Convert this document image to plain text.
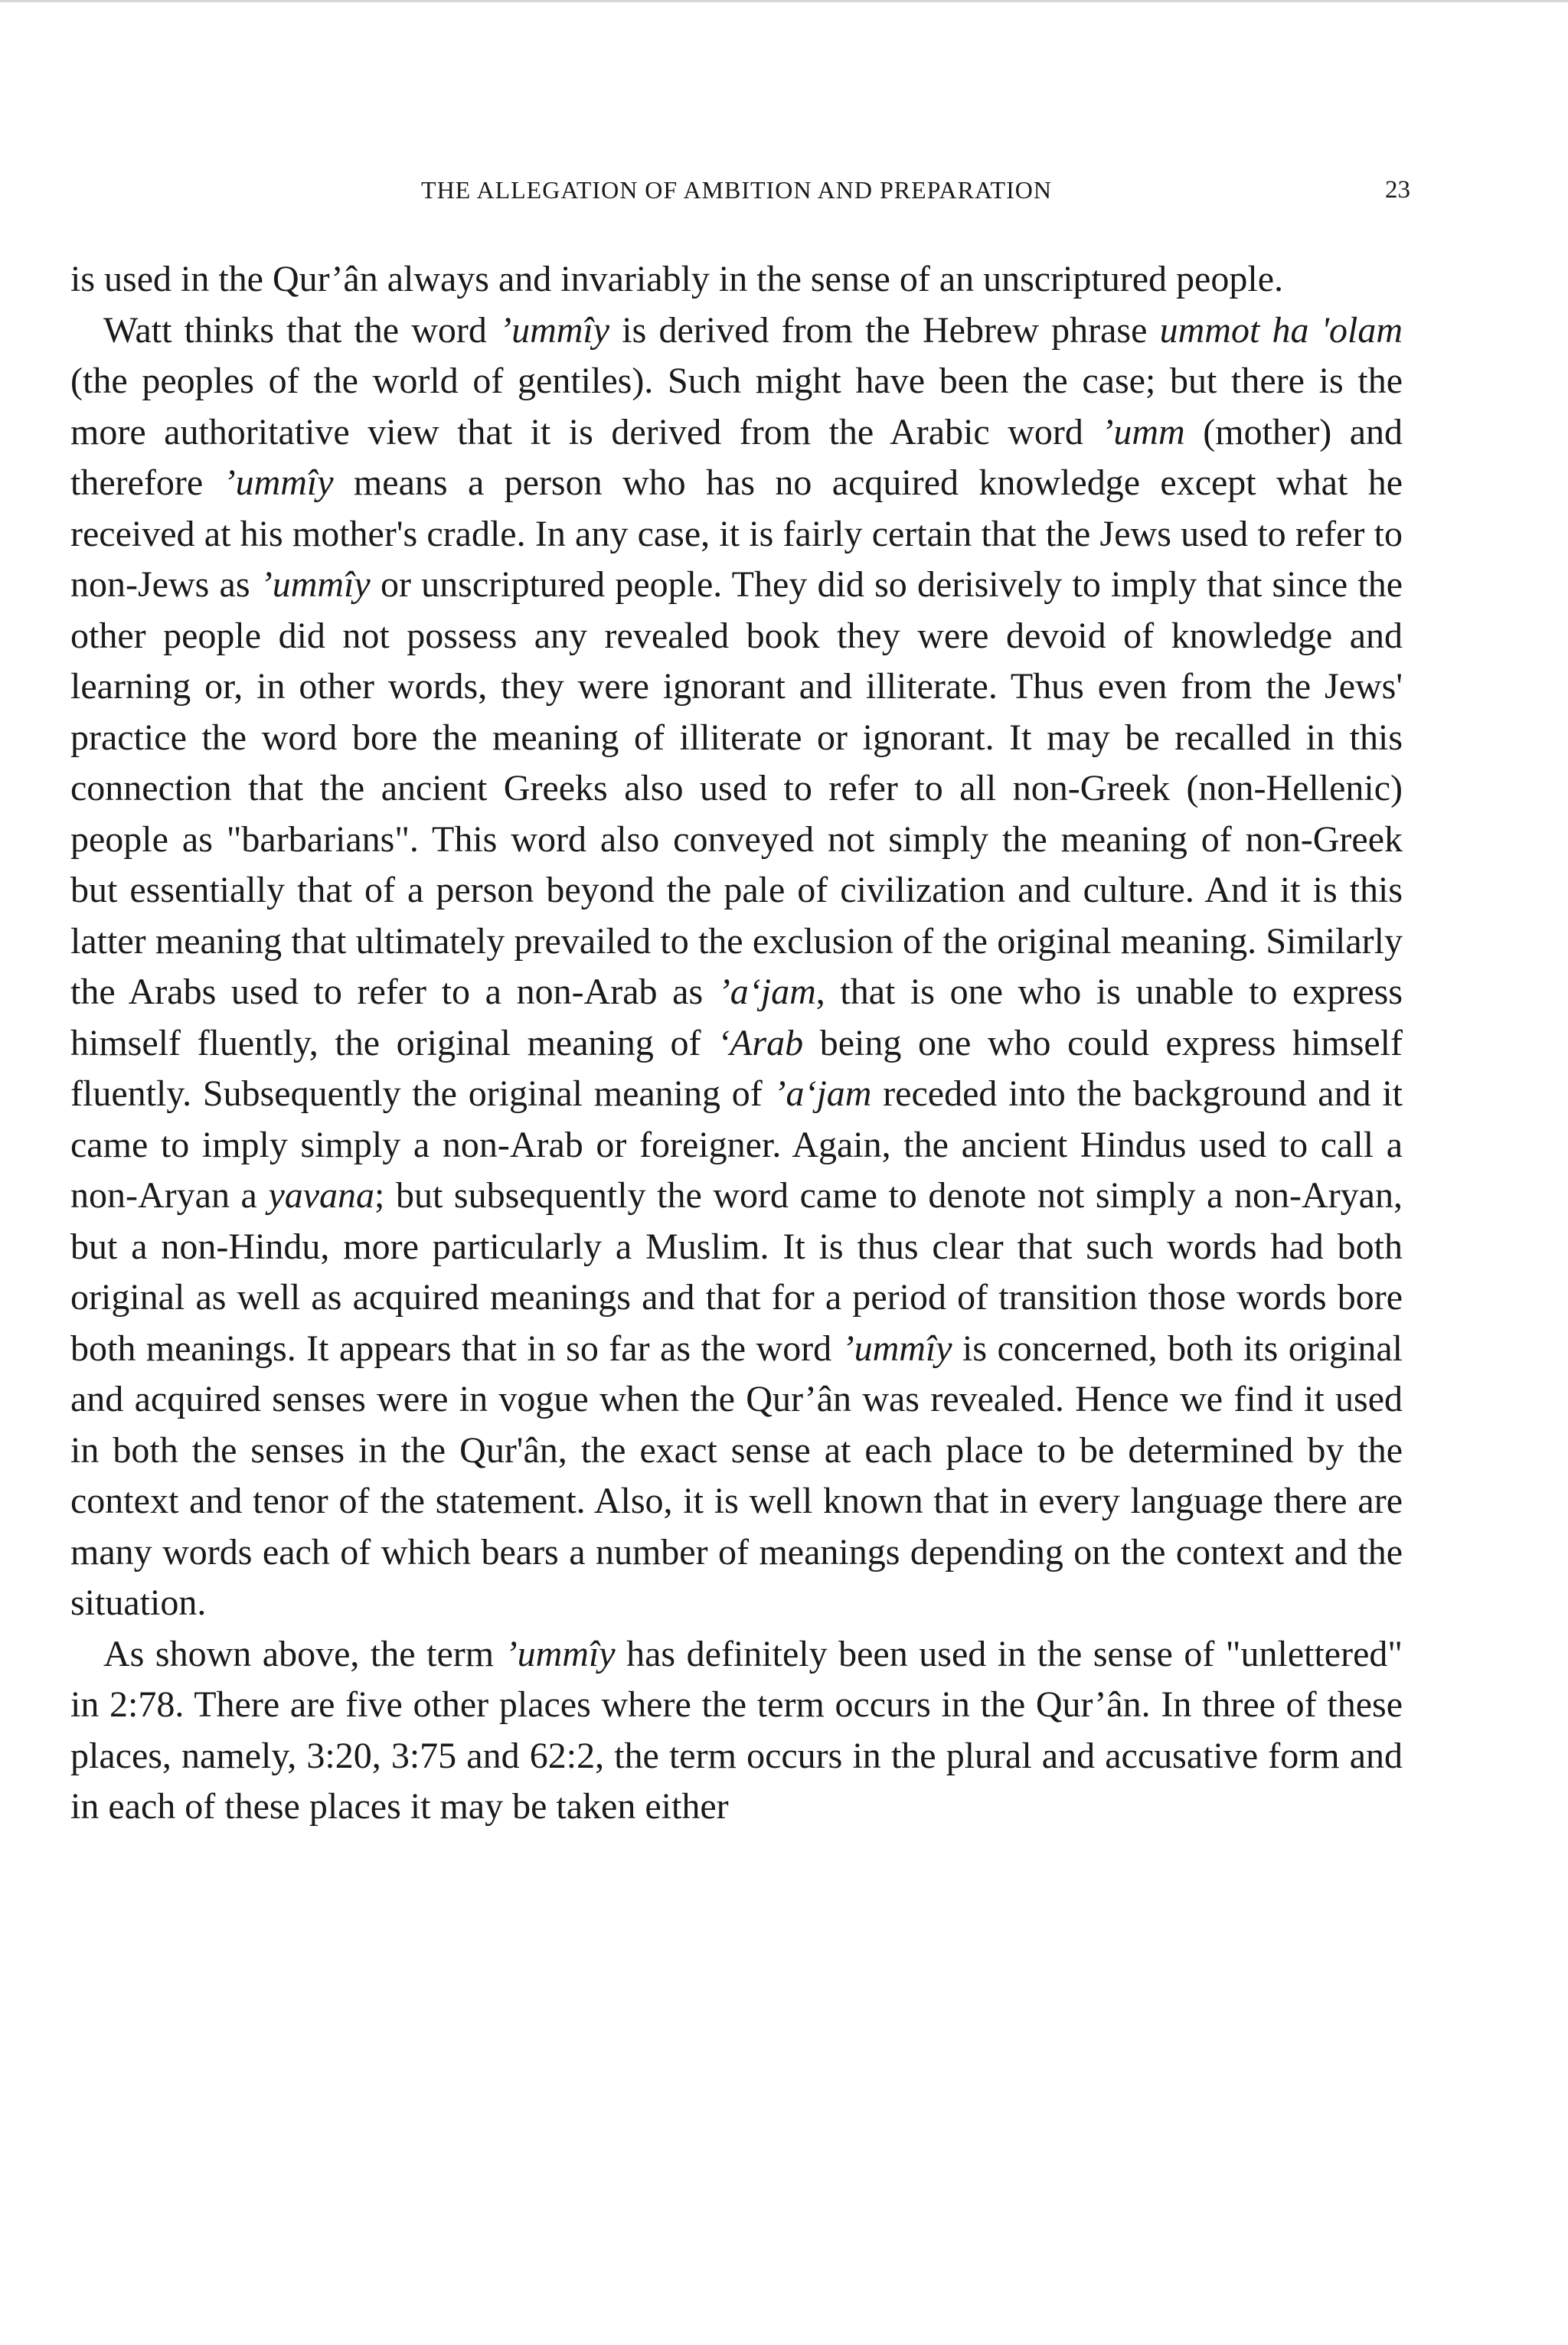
THE ALLEGATION OF AMBITION AND PREPARATION	23

is used in the Qur’ân always and invariably in the sense of an unscriptured people.

Watt thinks that the word ’ummîy is derived from the Hebrew phrase ummot ha 'olam (the peoples of the world of gentiles). Such might have been the case; but there is the more authoritative view that it is derived from the Arabic word ’umm (mother) and therefore ’ummîy means a person who has no acquired knowledge except what he received at his mother's cradle. In any case, it is fairly certain that the Jews used to refer to non-Jews as ’ummîy or unscriptured people. They did so derisively to imply that since the other people did not possess any revealed book they were devoid of knowledge and learning or, in other words, they were ignorant and illiterate. Thus even from the Jews' practice the word bore the meaning of illiterate or ignorant. It may be recalled in this connection that the ancient Greeks also used to refer to all non-Greek (non-Hellenic) people as "barbarians". This word also conveyed not simply the meaning of non-Greek but essentially that of a person beyond the pale of civilization and culture. And it is this latter meaning that ultimately prevailed to the exclusion of the original meaning. Similarly the Arabs used to refer to a non-Arab as ’a‘jam, that is one who is unable to express himself fluently, the original meaning of ‘Arab being one who could express himself fluently. Subsequently the original meaning of ’a‘jam receded into the background and it came to imply simply a non-Arab or foreigner. Again, the ancient Hindus used to call a non-Aryan a yavana; but subsequently the word came to denote not simply a non-Aryan, but a non-Hindu, more particularly a Muslim. It is thus clear that such words had both original as well as acquired meanings and that for a period of transition those words bore both meanings. It appears that in so far as the word ’ummîy is concerned, both its original and acquired senses were in vogue when the Qur’ân was revealed. Hence we find it used in both the senses in the Qur'ân, the exact sense at each place to be determined by the context and tenor of the statement. Also, it is well known that in every language there are many words each of which bears a number of meanings depending on the context and the situation.

As shown above, the term ’ummîy has definitely been used in the sense of "unlettered" in 2:78. There are five other places where the term occurs in the Qur’ân. In three of these places, namely, 3:20, 3:75 and 62:2, the term occurs in the plural and accusative form and in each of these places it may be taken either
